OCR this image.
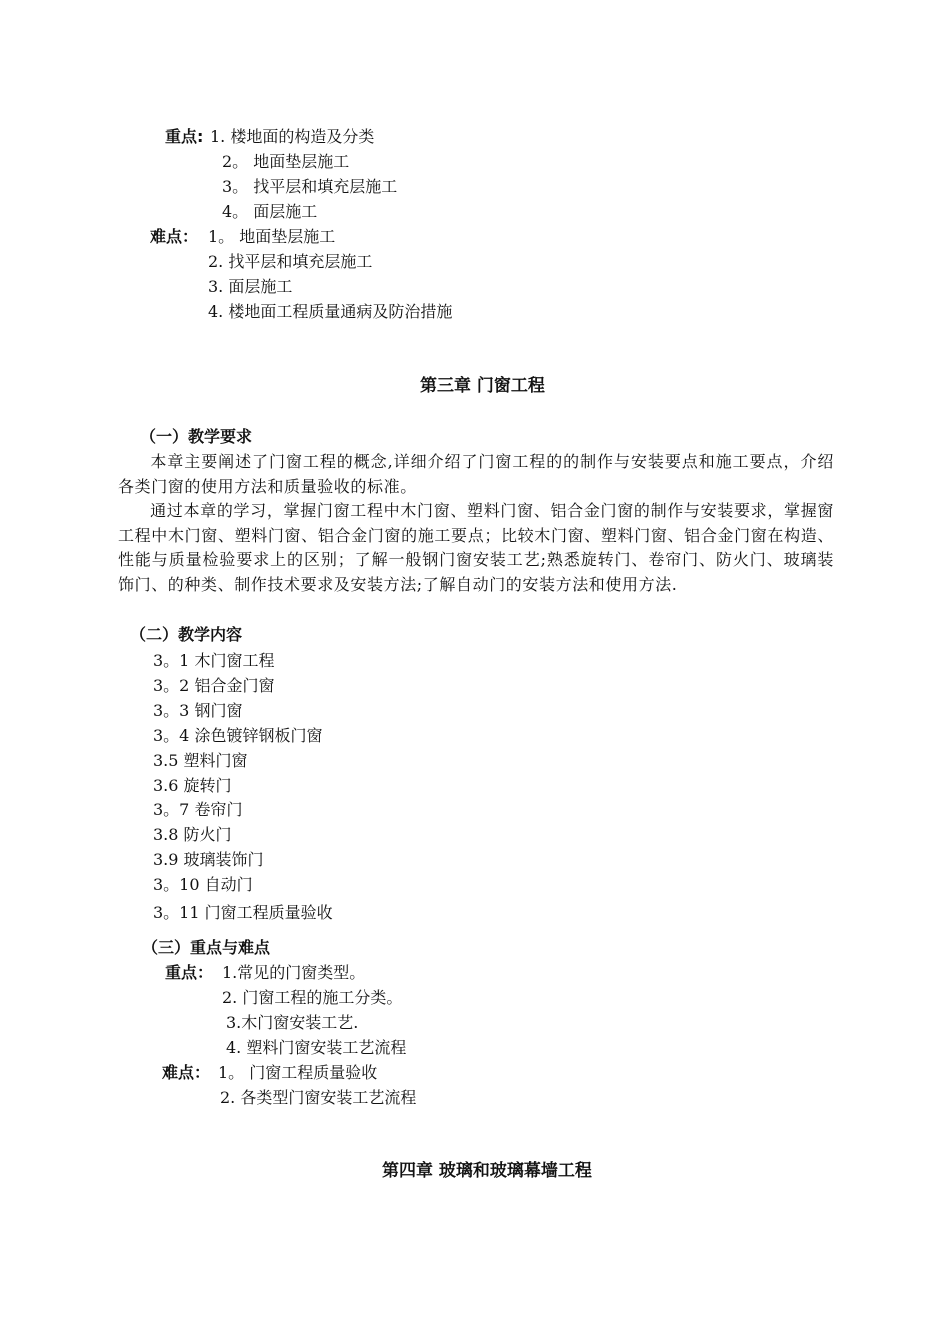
重点: 1. 楼地面的构造及分类
2。 地面垫层施工
3。 找平层和填充层施工
4。 面层施工
难点： 1。 地面垫层施工
2. 找平层和填充层施工
3. 面层施工
4. 楼地面工程质量通病及防治措施
第三章 门窗工程
（一）教学要求
本章主要阐述了门窗工程的概念,详细介绍了门窗工程的的制作与安装要点和施工要点，介绍各类门窗的使用方法和质量验收的标准。
通过本章的学习，掌握门窗工程中木门窗、塑料门窗、铝合金门窗的制作与安装要求，掌握窗工程中木门窗、塑料门窗、铝合金门窗的施工要点；比较木门窗、塑料门窗、铝合金门窗在构造、性能与质量检验要求上的区别；了解一般钢门窗安装工艺;熟悉旋转门、卷帘门、防火门、玻璃装饰门、的种类、制作技术要求及安装方法;了解自动门的安装方法和使用方法.
（二）教学内容
3。1 木门窗工程
3。2 铝合金门窗
3。3 钢门窗
3。4 涂色镀锌钢板门窗
3.5 塑料门窗
3.6 旋转门
3。7 卷帘门
3.8 防火门
3.9 玻璃装饰门
3。10 自动门
3。11 门窗工程质量验收
（三）重点与难点
重点： 1.常见的门窗类型。
2. 门窗工程的施工分类。
3.木门窗安装工艺.
4. 塑料门窗安装工艺流程
难点： 1。 门窗工程质量验收
2. 各类型门窗安装工艺流程
第四章 玻璃和玻璃幕墙工程
